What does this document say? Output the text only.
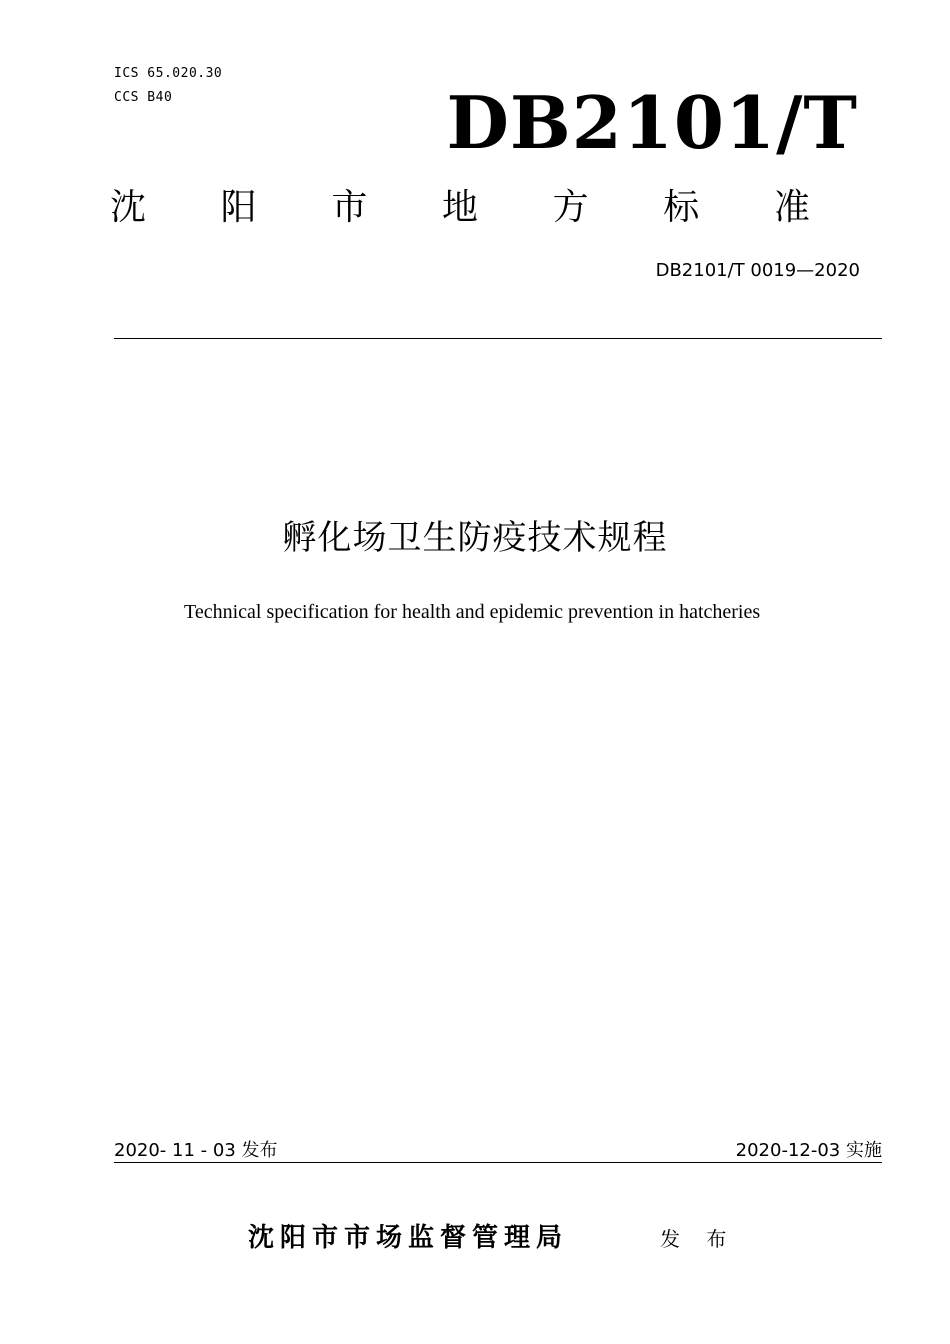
ICS 65.020.30
CCS B40	DB2101/T
沈 阳 市 地 方 标 准
DB2101/T 0019—2020
孵化场卫生防疫技术规程
Technical specification for health and epidemic prevention in hatcheries
2020- 11 - 03 发布	2020-12-03 实施
沈阳市市场监督管理局	发 布
